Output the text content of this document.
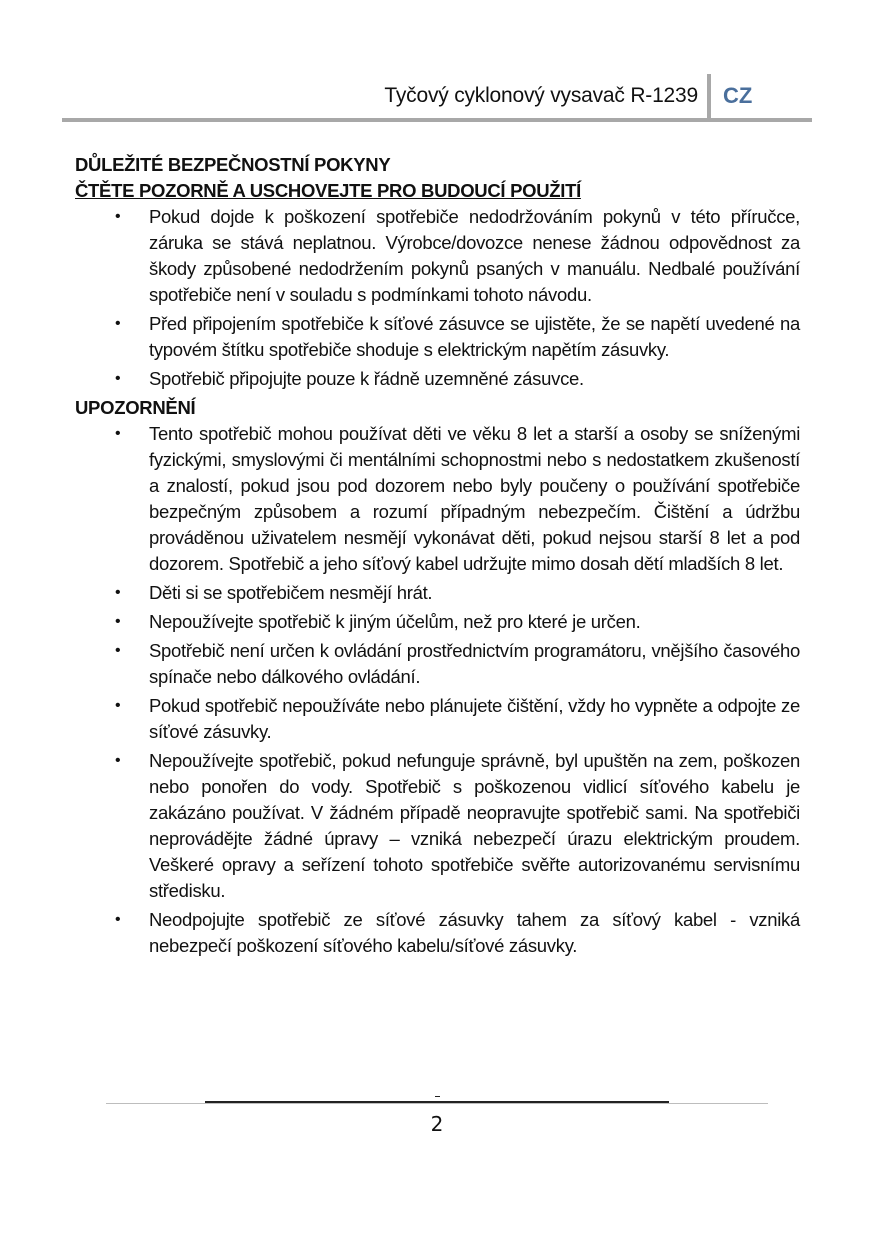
Tyčový cyklonový vysavač R-1239 CZ
DŮLEŽITÉ BEZPEČNOSTNÍ POKYNY
ČTĚTE POZORNĚ A USCHOVEJTE PRO BUDOUCÍ POUŽITÍ
• Pokud dojde k poškození spotřebiče nedodržováním pokynů v této příručce, záruka se stává neplatnou. Výrobce/dovozce nenese žádnou odpovědnost za škody způsobené nedodržením pokynů psaných v manuálu. Nedbalé používání spotřebiče není v souladu s podmínkami tohoto návodu.
• Před připojením spotřebiče k síťové zásuvce se ujistěte, že se napětí uvedené na typovém štítku spotřebiče shoduje s elektrickým napětím zásuvky.
• Spotřebič připojujte pouze k řádně uzemněné zásuvce.
UPOZORNĚNÍ
• Tento spotřebič mohou používat děti ve věku 8 let a starší a osoby se sníženými fyzickými, smyslovými či mentálními schopnostmi nebo s nedostatkem zkušeností a znalostí, pokud jsou pod dozorem nebo byly poučeny o používání spotřebiče bezpečným způsobem a rozumí případným nebezpečím. Čištění a údržbu prováděnou uživatelem nesmějí vykonávat děti, pokud nejsou starší 8 let a pod dozorem. Spotřebič a jeho síťový kabel udržujte mimo dosah dětí mladších 8 let.
• Děti si se spotřebičem nesmějí hrát.
• Nepoužívejte spotřebič k jiným účelům, než pro které je určen.
• Spotřebič není určen k ovládání prostřednictvím programátoru, vnějšího časového spínače nebo dálkového ovládání.
• Pokud spotřebič nepoužíváte nebo plánujete čištění, vždy ho vypněte a odpojte ze síťové zásuvky.
• Nepoužívejte spotřebič, pokud nefunguje správně, byl upuštěn na zem, poškozen nebo ponořen do vody. Spotřebič s poškozenou vidlicí síťového kabelu je zakázáno používat. V žádném případě neopravujte spotřebič sami. Na spotřebiči neprovádějte žádné úpravy – vzniká nebezpečí úrazu elektrickým proudem. Veškeré opravy a seřízení tohoto spotřebiče svěřte autorizovanému servisnímu středisku.
• Neodpojujte spotřebič ze síťové zásuvky tahem za síťový kabel - vzniká nebezpečí poškození síťového kabelu/síťové zásuvky.
2
